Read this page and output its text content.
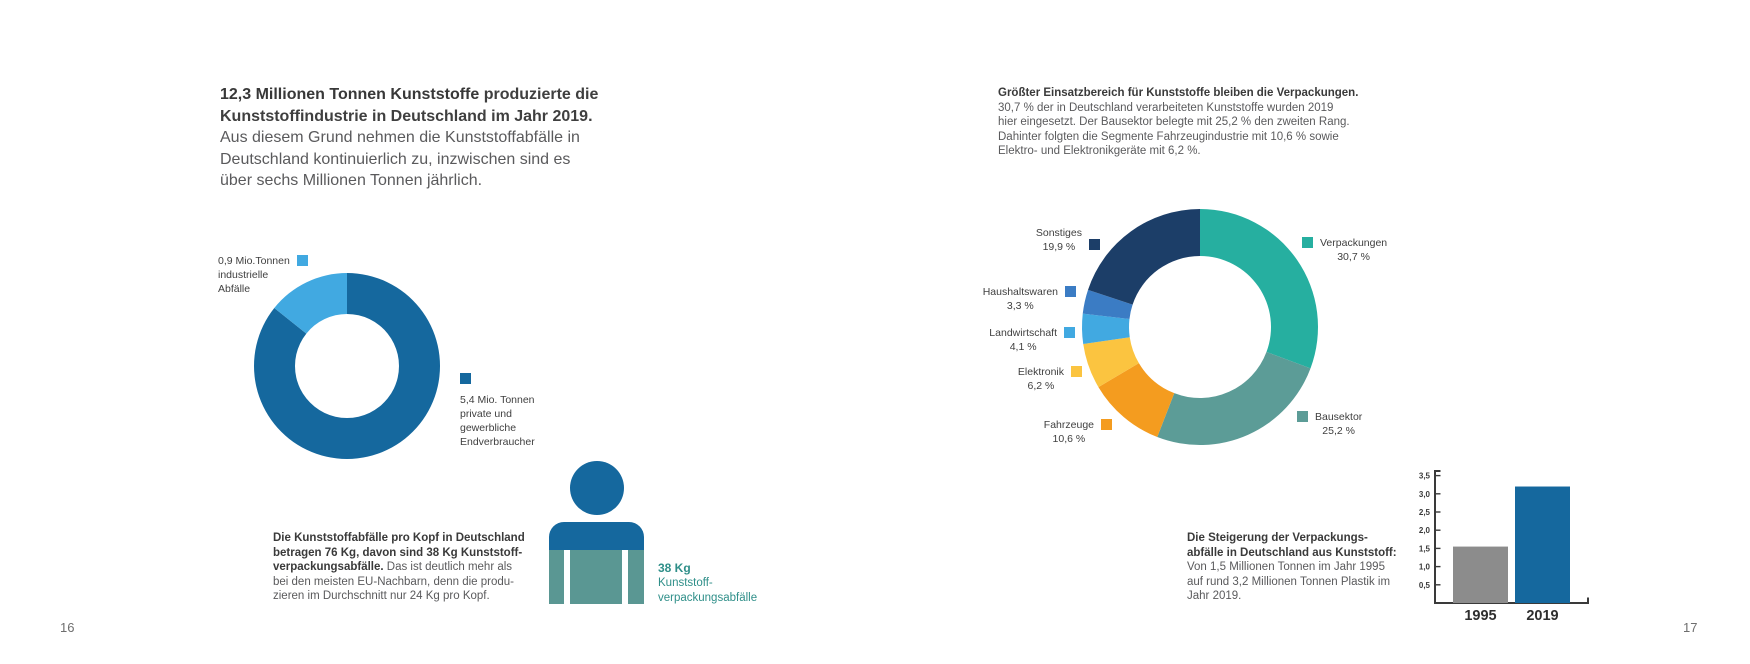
12,3 Millionen Tonnen Kunststoffe produzierte die
Kunststoffindustrie in Deutschland im Jahr 2019.
Aus diesem Grund nehmen die Kunststoffabfälle in
Deutschland kontinuierlich zu, inzwischen sind es
über sechs Millionen Tonnen jährlich.
0,9 Mio.Tonnen
industrielle
Abfälle
5,4 Mio. Tonnen
private und
gewerbliche
Endverbraucher
38 Kg
Kunststoff-
verpackungsabfälle
Die Kunststoffabfälle pro Kopf in Deutschland
betragen 76 Kg, davon sind 38 Kg Kunststoff-
verpackungsabfälle. Das ist deutlich mehr als
bei den meisten EU-Nachbarn, denn die produ-
zieren im Durchschnitt nur 24 Kg pro Kopf.
16
Größter Einsatzbereich für Kunststoffe bleiben die Verpackungen.
30,7 % der in Deutschland verarbeiteten Kunststoffe wurden 2019
hier eingesetzt. Der Bausektor belegte mit 25,2 % den zweiten Rang.
Dahinter folgten die Segmente Fahrzeugindustrie mit 10,6 % sowie
Elektro- und Elektronikgeräte mit 6,2 %.
Sonstiges
19,9 %
Haushaltswaren
3,3 %
Landwirtschaft
4,1 %
Elektronik
6,2 %
Fahrzeuge
10,6 %
Verpackungen
30,7 %
Bausektor
25,2 %
0,5
1,0
1,5
2,0
2,5
3,0
3,5
1995 2019
Die Steigerung der Verpackungs-
abfälle in Deutschland aus Kunststoff:
Von 1,5 Millionen Tonnen im Jahr 1995
auf rund 3,2 Millionen Tonnen Plastik im
Jahr 2019.
17
